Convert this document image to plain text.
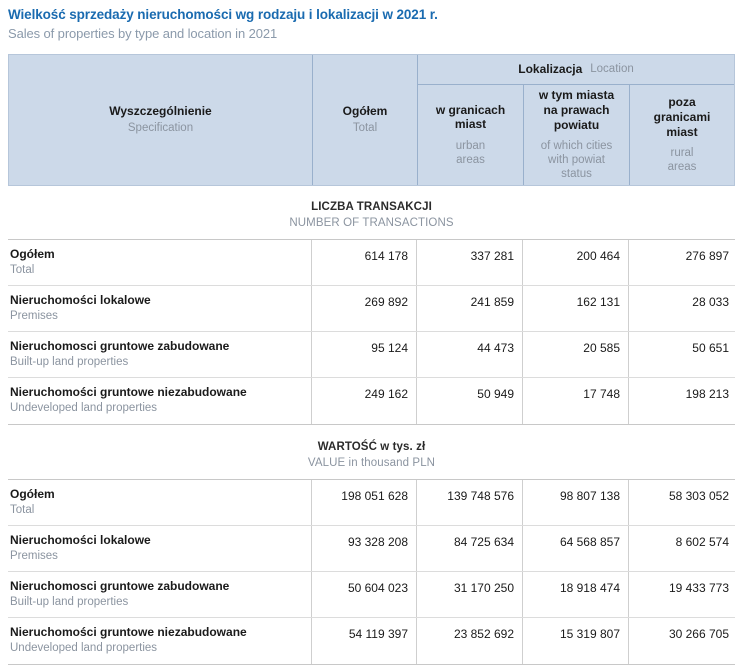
Wielkość sprzedaży nieruchomości wg rodzaju i lokalizacji w 2021 r.
Sales of properties by type and location in 2021
Wyszczególnienie
Specification
Ogółem
Total
Lokalizacja Location
w granicach
miast
urban
areas
w tym miasta
na prawach
powiatu
of which cities
with powiat
status
poza
granicami
miast
rural
areas
LICZBA TRANSAKCJI
NUMBER OF TRANSACTIONS
Ogółem
Total
614 178	337 281	200 464	276 897
Nieruchomości lokalowe
Premises
269 892	241 859	162 131	28 033
Nieruchomosci gruntowe zabudowane
Built-up land properties
95 124	44 473	20 585	50 651
Nieruchomości gruntowe niezabudowane
Undeveloped land properties
249 162	50 949	17 748	198 213
WARTOŚĆ w tys. zł
VALUE in thousand PLN
Ogółem
Total
198 051 628	139 748 576	98 807 138	58 303 052
Nieruchomości lokalowe
Premises
93 328 208	84 725 634	64 568 857	8 602 574
Nieruchomosci gruntowe zabudowane
Built-up land properties
50 604 023	31 170 250	18 918 474	19 433 773
Nieruchomości gruntowe niezabudowane
Undeveloped land properties
54 119 397	23 852 692	15 319 807	30 266 705
